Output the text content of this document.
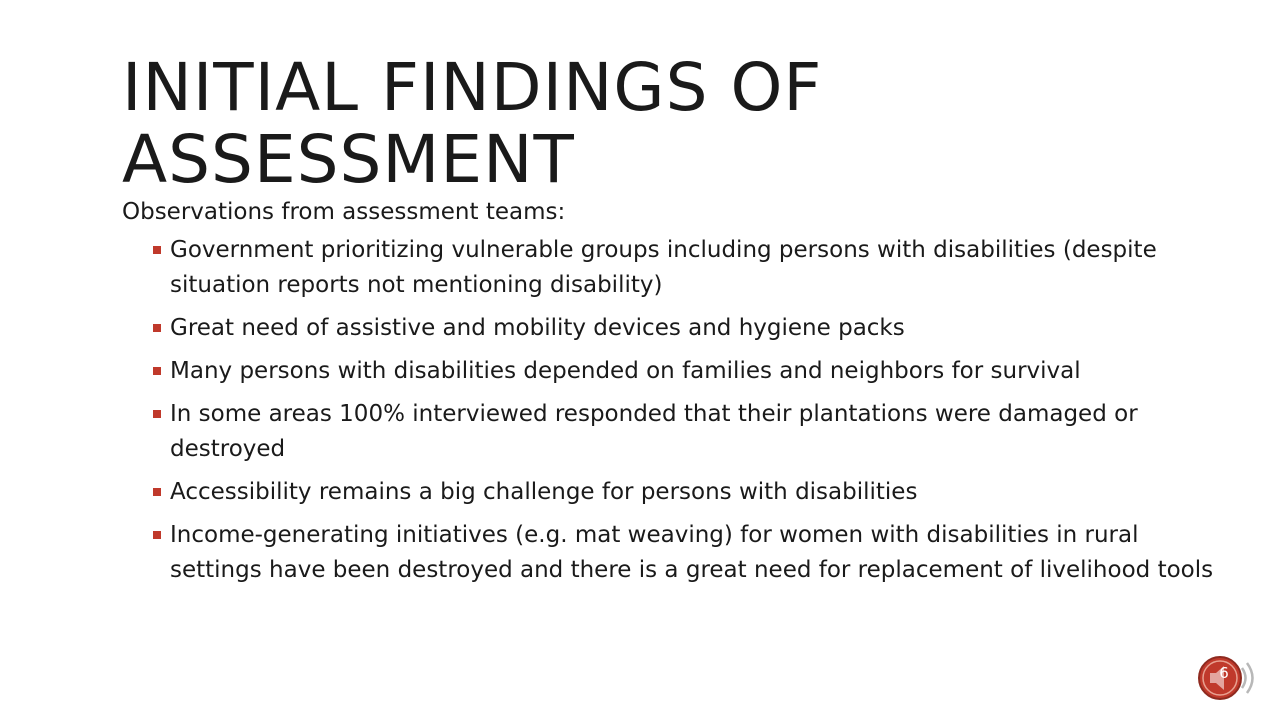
INITIAL FINDINGS OF
ASSESSMENT
Observations from assessment teams:
Government prioritizing vulnerable groups including persons with disabilities (despite situation reports not mentioning disability)
Great need of assistive and mobility devices and hygiene packs
Many persons with disabilities depended on families and neighbors for survival
In some areas 100% interviewed responded that their plantations were damaged or destroyed
Accessibility remains a big challenge for persons with disabilities
Income-generating initiatives (e.g. mat weaving) for women with disabilities in rural settings have been destroyed and there is a great need for replacement of livelihood tools
6
